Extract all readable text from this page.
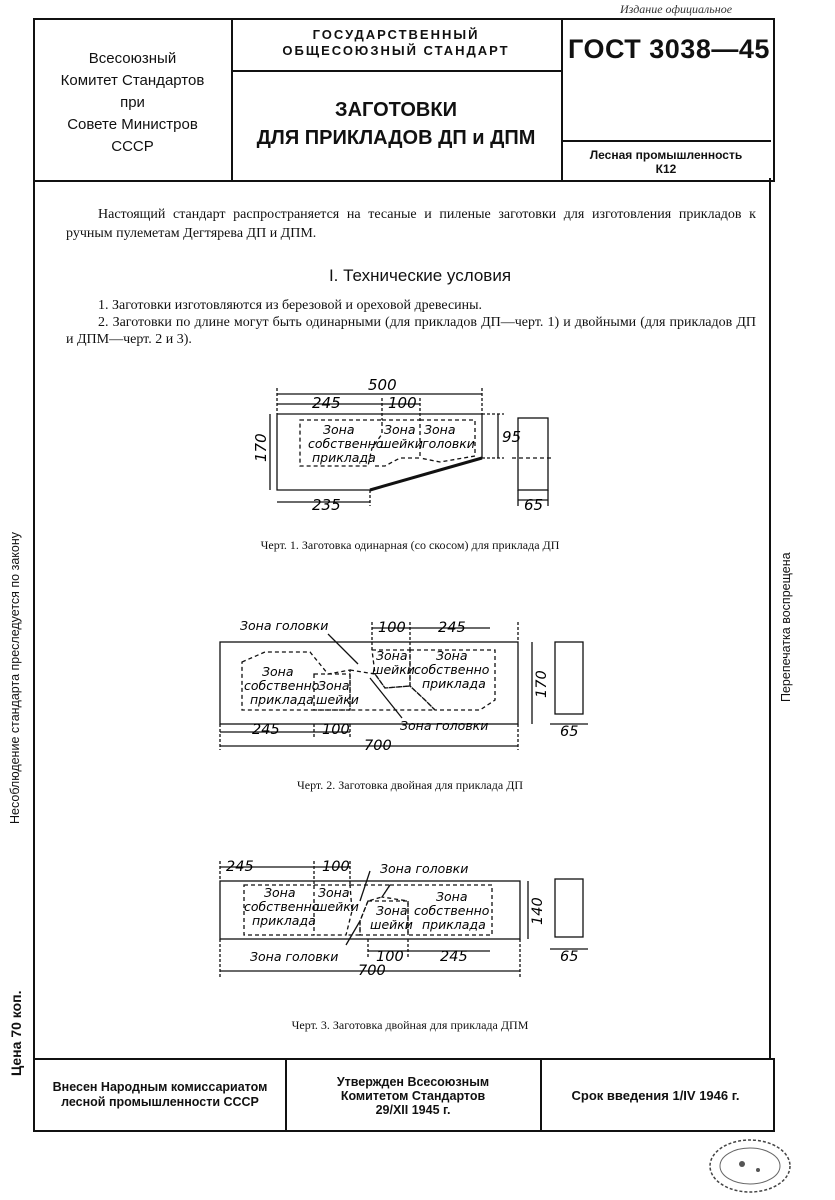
Издание официальное
Всесоюзный
Комитет Стандартов
при
Совете Министров
СССР
ГОСУДАРСТВЕННЫЙ
ОБЩЕСОЮЗНЫЙ СТАНДАРТ
ЗАГОТОВКИ
ДЛЯ ПРИКЛАДОВ ДП и ДПМ
ГОСТ 3038—45
Лесная промышленность
К12
Настоящий стандарт распространяется на тесаные и пиленые заготовки для изготовления прикладов к ручным пулеметам Дегтярева ДП и ДПМ.
I. Технические условия
1. Заготовки изготовляются из березовой и ореховой древесины.
2. Заготовки по длине могут быть одинарными (для прикладов ДП—черт. 1) и двойными (для прикладов ДП и ДПМ—черт. 2 и 3).
500
245	100
170	95
235	65
Зона
собственно
приклада
Зона
шейки
Зона
головки
Черт. 1. Заготовка одинарная (со скосом) для приклада ДП
100 245
170
245	100
700
65
Зона головки
Зона головки
Зона
собственно
приклада
Зона
шейки
Зона
шейки
Зона
собственно
приклада
Черт. 2. Заготовка двойная для приклада ДП
245	100
140
100	245
700
65
Зона головки
Зона головки
Зона
собственно
приклада
Зона
шейки Зона
шейки
Зона
собственно
приклада
Черт. 3. Заготовка двойная для приклада ДПМ
Несоблюдение стандарта преследуется по закону	Перепечатка воспрещена
Цена 70 коп.
Внесен Народным комиссариатом
лесной промышленности СССР
Утвержден Всесоюзным
Комитетом Стандартов
29/XII 1945 г.
Срок введения 1/IV 1946 г.
